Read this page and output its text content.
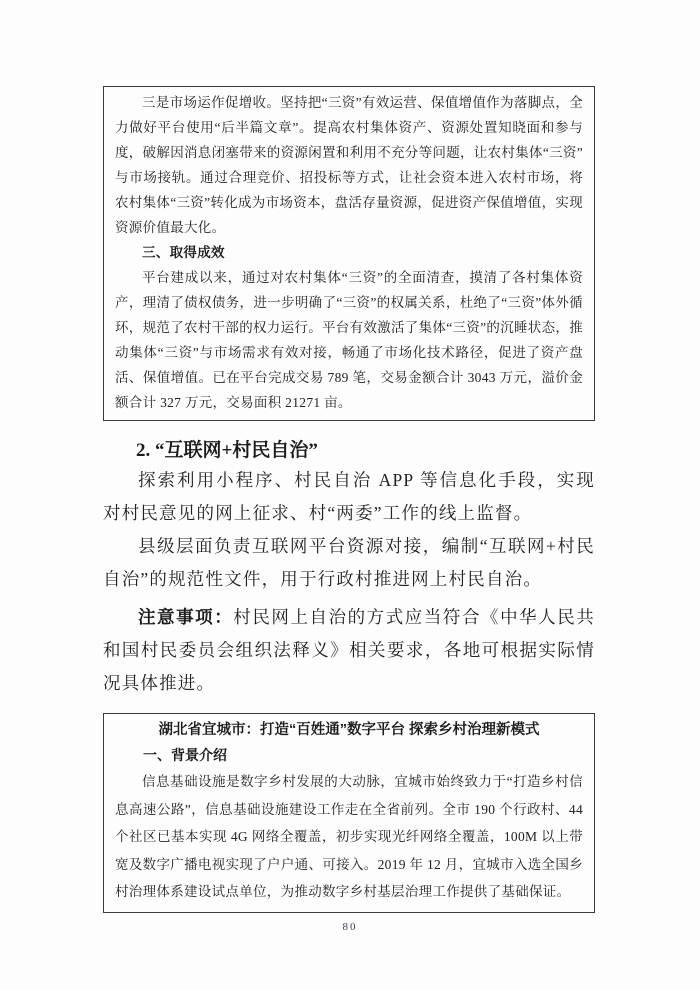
三是市场运作促增收。坚持把“三资”有效运营、保值增值作为落脚点，全力做好平台使用“后半篇文章”。提高农村集体资产、资源处置知晓面和参与度，破解因消息闭塞带来的资源闲置和利用不充分等问题，让农村集体“三资”与市场接轨。通过合理竞价、招投标等方式，让社会资本进入农村市场，将农村集体“三资”转化成为市场资本，盘活存量资源，促进资产保值增值，实现资源价值最大化。

三、取得成效

平台建成以来，通过对农村集体“三资”的全面清查，摸清了各村集体资产，理清了债权债务，进一步明确了“三资”的权属关系，杜绝了“三资”体外循环，规范了农村干部的权力运行。平台有效激活了集体“三资”的沉睡状态，推动集体“三资”与市场需求有效对接，畅通了市场化技术路径，促进了资产盘活、保值增值。已在平台完成交易 789 笔，交易金额合计 3043 万元，溢价金额合计 327 万元，交易面积 21271 亩。

2. “互联网+村民自治”

探索利用小程序、村民自治 APP 等信息化手段，实现对村民意见的网上征求、村“两委”工作的线上监督。

县级层面负责互联网平台资源对接，编制“互联网+村民自治”的规范性文件，用于行政村推进网上村民自治。

注意事项：村民网上自治的方式应当符合《中华人民共和国村民委员会组织法释义》相关要求，各地可根据实际情况具体推进。

湖北省宜城市：打造“百姓通”数字平台 探索乡村治理新模式

一、背景介绍

信息基础设施是数字乡村发展的大动脉，宜城市始终致力于“打造乡村信息高速公路”，信息基础设施建设工作走在全省前列。全市 190 个行政村、44 个社区已基本实现 4G 网络全覆盖，初步实现光纤网络全覆盖，100M 以上带宽及数字广播电视实现了户户通、可接入。2019 年 12 月，宜城市入选全国乡村治理体系建设试点单位，为推动数字乡村基层治理工作提供了基础保证。

80
